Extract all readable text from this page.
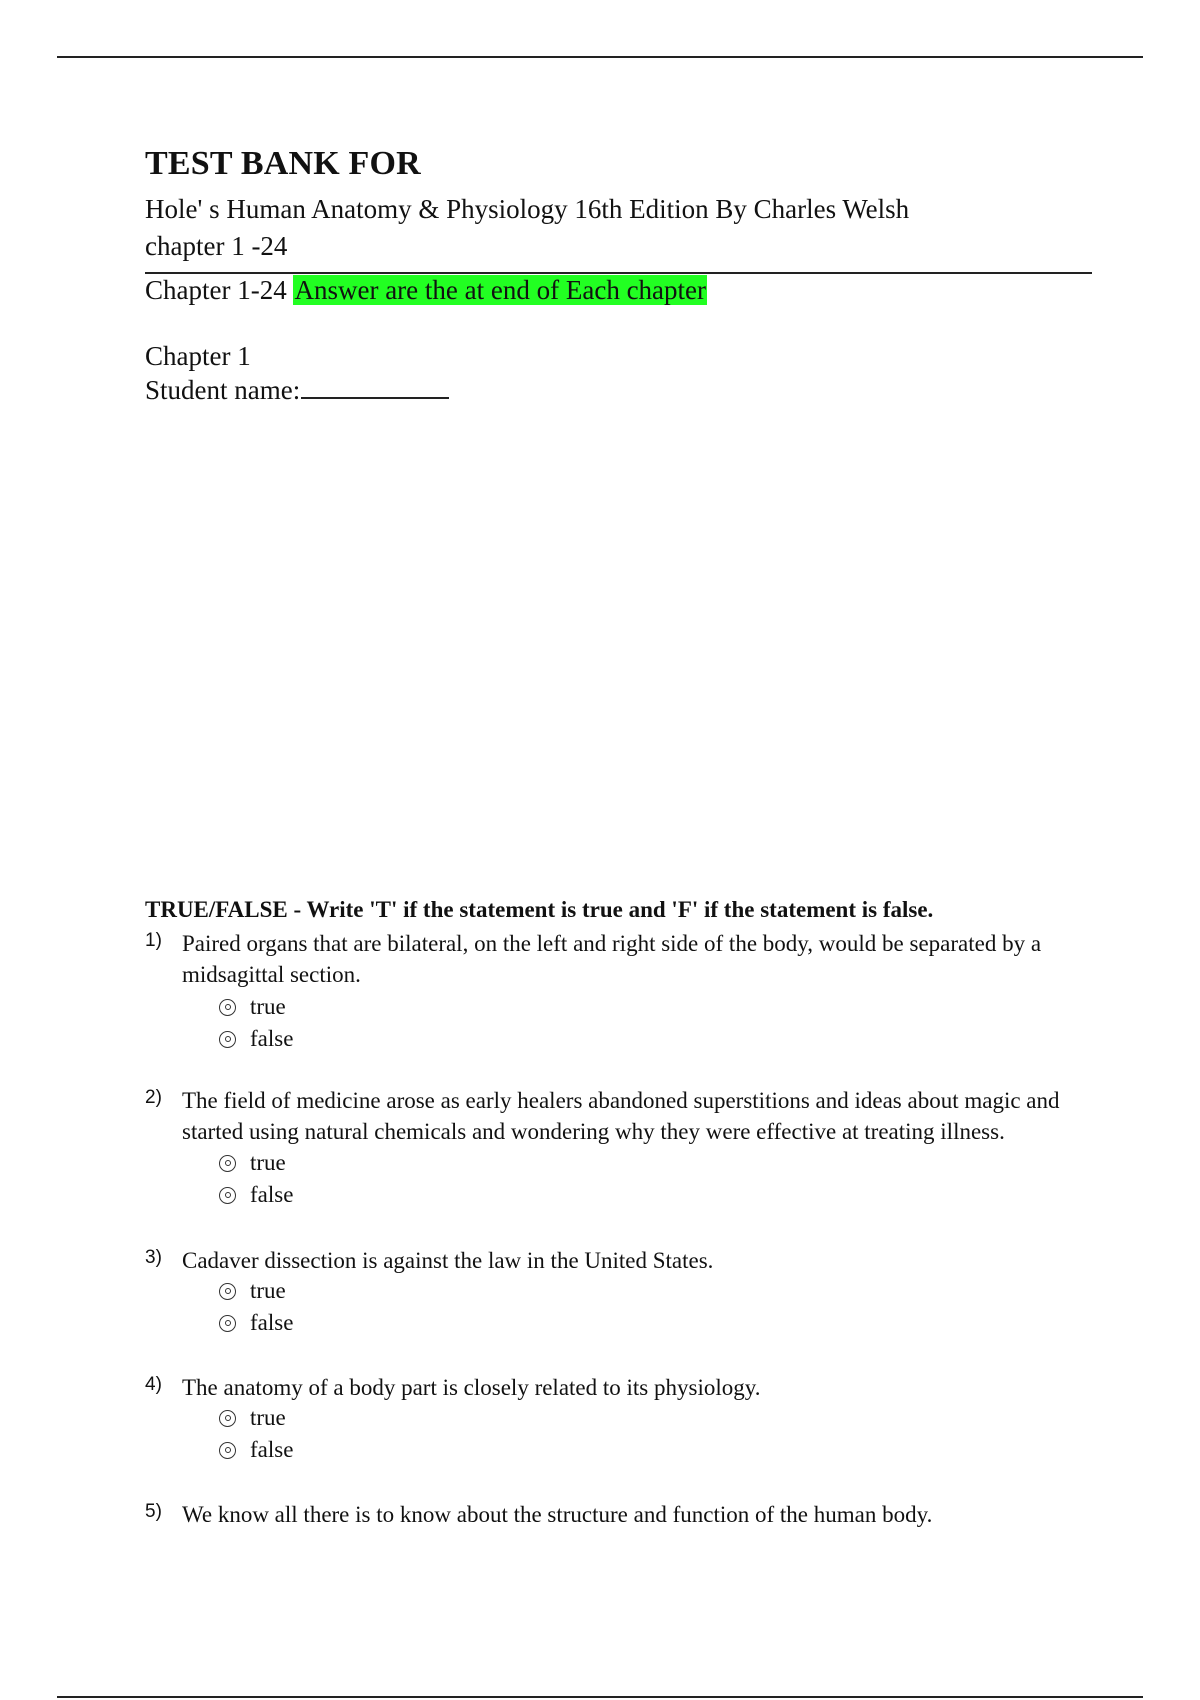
TEST BANK FOR
Hole' s Human Anatomy & Physiology 16th Edition By Charles Welsh
chapter 1 -24
Chapter 1-24 Answer are the at end of Each chapter
Chapter 1
Student name:
TRUE/FALSE - Write 'T' if the statement is true and 'F' if the statement is false.
1) Paired organs that are bilateral, on the left and right side of the body, would be separated by a midsagittal section.
true
false
2) The field of medicine arose as early healers abandoned superstitions and ideas about magic and started using natural chemicals and wondering why they were effective at treating illness.
true
false
3) Cadaver dissection is against the law in the United States.
true
false
4) The anatomy of a body part is closely related to its physiology.
true
false
5) We know all there is to know about the structure and function of the human body.
